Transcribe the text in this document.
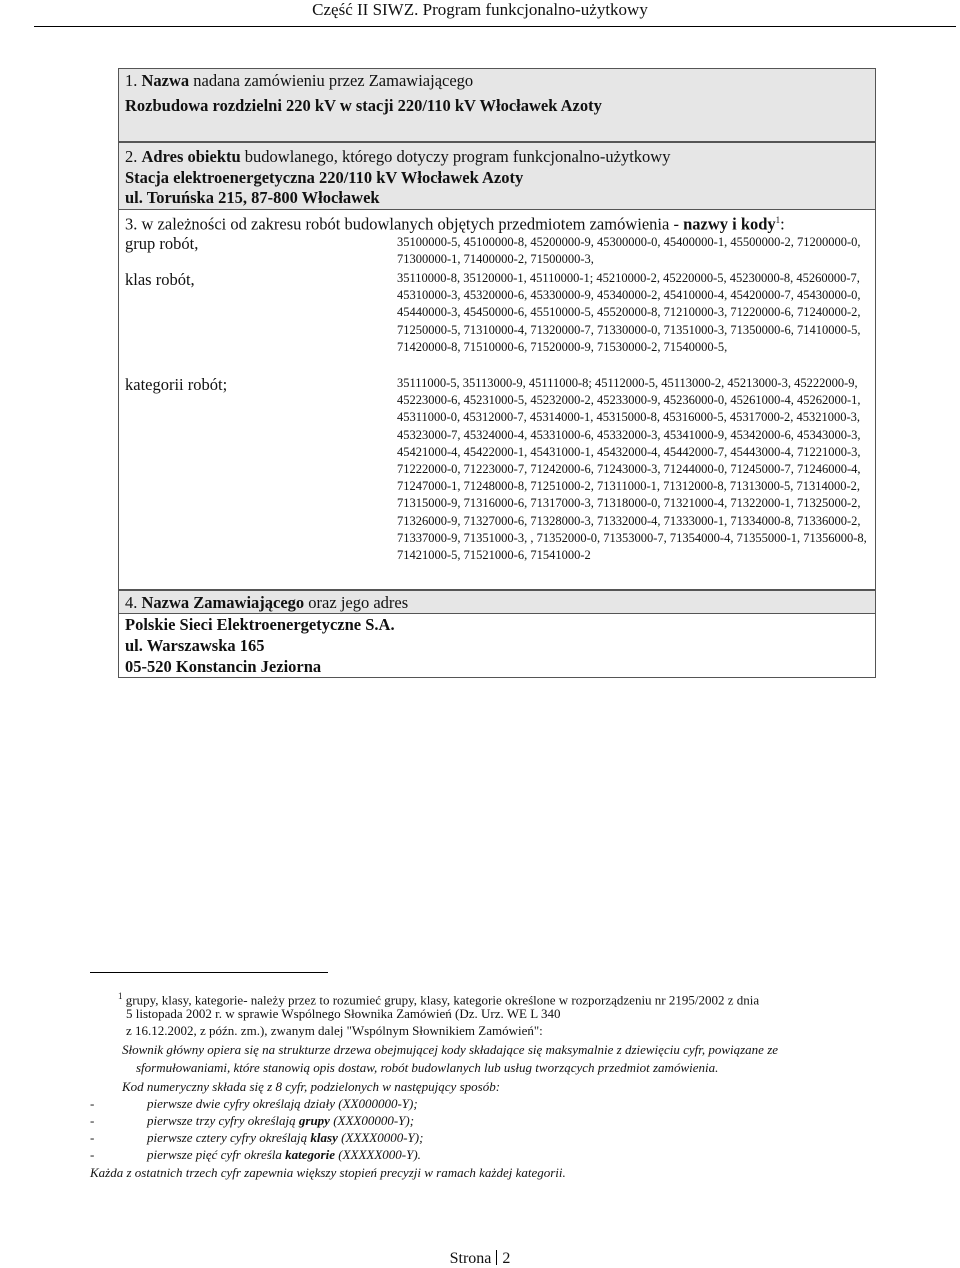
Część II SIWZ. Program funkcjonalno-użytkowy
1. Nazwa nadana zamówieniu przez Zamawiającego
Rozbudowa rozdzielni 220 kV w stacji 220/110 kV Włocławek Azoty
2. Adres obiektu budowlanego, którego dotyczy program funkcjonalno-użytkowy
Stacja elektroenergetyczna 220/110 kV Włocławek Azoty
ul. Toruńska 215, 87-800 Włocławek
3. w zależności od zakresu robót budowlanych objętych przedmiotem zamówienia - nazwy i kody$^1$:
grup robót,	35100000-5, 45100000-8, 45200000-9, 45300000-0, 45400000-1, 45500000-2, 71200000-0, 71300000-1, 71400000-2, 71500000-3,
klas robót,	35110000-8, 35120000-1, 45110000-1; 45210000-2, 45220000-5, 45230000-8, 45260000-7, 45310000-3, 45320000-6, 45330000-9, 45340000-2, 45410000-4, 45420000-7, 45430000-0, 45440000-3, 45450000-6, 45510000-5, 45520000-8, 71210000-3, 71220000-6, 71240000-2, 71250000-5, 71310000-4, 71320000-7, 71330000-0, 71351000-3, 71350000-6, 71410000-5, 71420000-8, 71510000-6, 71520000-9, 71530000-2, 71540000-5,
kategorii robót;	35111000-5, 35113000-9, 45111000-8; 45112000-5, 45113000-2, 45213000-3, 45222000-9, 45223000-6, 45231000-5, 45232000-2, 45233000-9, 45236000-0, 45261000-4, 45262000-1, 45311000-0, 45312000-7, 45314000-1, 45315000-8, 45316000-5, 45317000-2, 45321000-3, 45323000-7, 45324000-4, 45331000-6, 45332000-3, 45341000-9, 45342000-6, 45343000-3, 45421000-4, 45422000-1, 45431000-1, 45432000-4, 45442000-7, 45443000-4, 71221000-3, 71222000-0, 71223000-7, 71242000-6, 71243000-3, 71244000-0, 71245000-7, 71246000-4, 71247000-1, 71248000-8, 71251000-2, 71311000-1, 71312000-8, 71313000-5, 71314000-2, 71315000-9, 71316000-6, 71317000-3, 71318000-0, 71321000-4, 71322000-1, 71325000-2, 71326000-9, 71327000-6, 71328000-3, 71332000-4, 71333000-1, 71334000-8, 71336000-2, 71337000-9, 71351000-3, , 71352000-0, 71353000-7, 71354000-4, 71355000-1, 71356000-8, 71421000-5, 71521000-6, 71541000-2
4. Nazwa Zamawiającego oraz jego adres
Polskie Sieci Elektroenergetyczne S.A.
ul. Warszawska 165
05-520 Konstancin Jeziorna
$^1$ grupy, klasy, kategorie- należy przez to rozumieć grupy, klasy, kategorie określone w rozporządzeniu nr 2195/2002 z dnia
5 listopada 2002 r. w sprawie Wspólnego Słownika Zamówień (Dz. Urz. WE L 340
z 16.12.2002, z późn. zm.), zwanym dalej "Wspólnym Słownikiem Zamówień":
Słownik główny opiera się na strukturze drzewa obejmującej kody składające się maksymalnie z dziewięciu cyfr, powiązane ze
sformułowaniami, które stanowią opis dostaw, robót budowlanych lub usług tworzących przedmiot zamówienia.
Kod numeryczny składa się z 8 cyfr, podzielonych w następujący sposób:
-	pierwsze dwie cyfry określają działy (XX000000-Y);
-	pierwsze trzy cyfry określają grupy (XXX00000-Y);
-	pierwsze cztery cyfry określają klasy (XXXX0000-Y);
-	pierwsze pięć cyfr określa kategorie (XXXXX000-Y).
Każda z ostatnich trzech cyfr zapewnia większy stopień precyzji w ramach każdej kategorii.
Strona 2
